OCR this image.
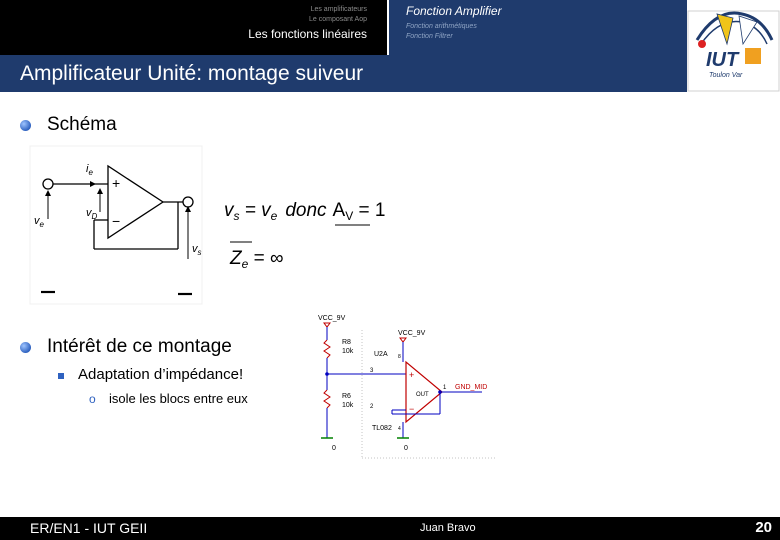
Les amplificateurs
Le composant Aop
Les fonctions linéaires
Fonction Amplifier
Fonction arithmétiques
Fonction Filtrer
Amplificateur Unité: montage suiveur
IUT
Toulon Var
Schéma
Intérêt de ce montage
Adaptation d’impédance!
o isole les blocs entre eux
+
−
$i_e$
$v_e$
$v_D$
$v_s$
$v_s = v_e$ donc $A_V = 1$
$Z_e$ = ∞
VCC_9V
R8
10k
R6
10k
0
3
VCC_9V
8
U2A
+
−
OUT
TL082 4
0
1 GND_MID
2
ER/EN1 - IUT GEII	Juan Bravo	20
